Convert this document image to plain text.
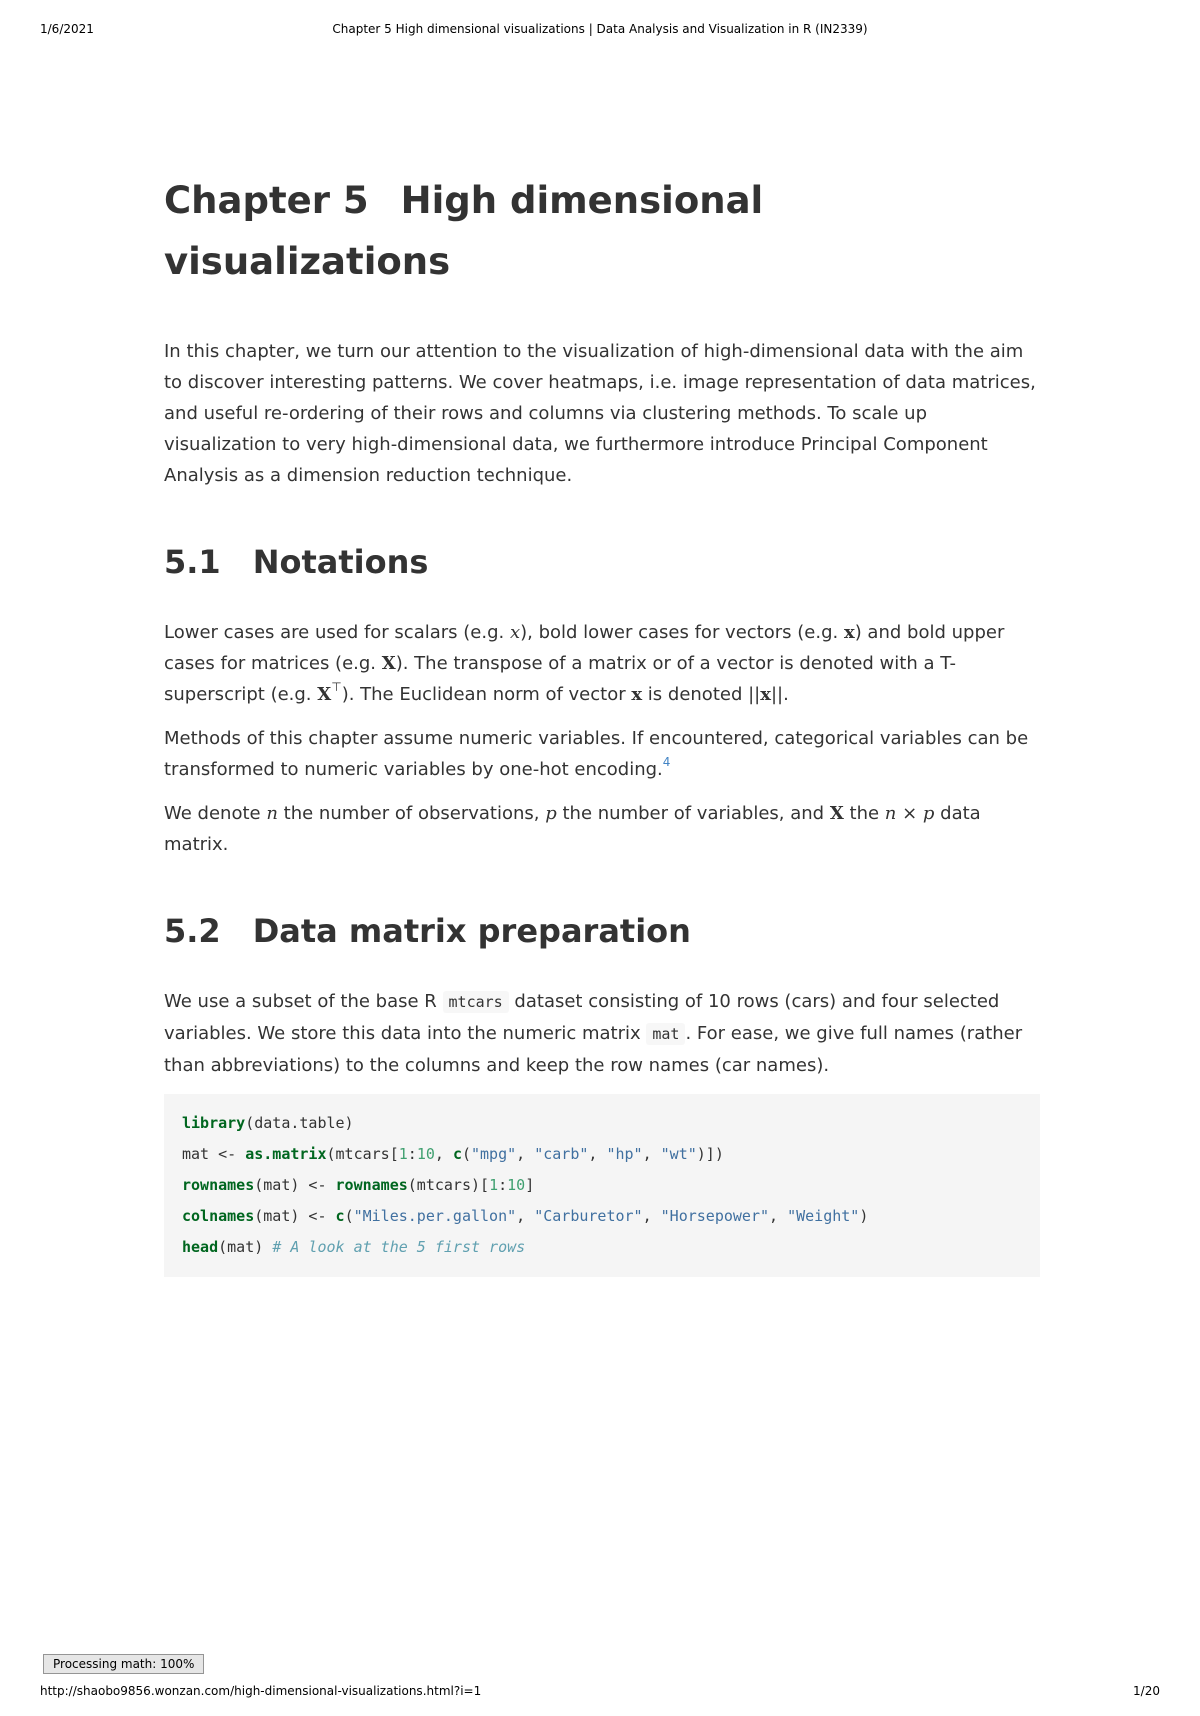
1/6/2021	Chapter 5 High dimensional visualizations | Data Analysis and Visualization in R (IN2339)
Chapter 5 High dimensional
visualizations

In this chapter, we turn our attention to the visualization of high-dimensional data with the aim to discover interesting patterns. We cover heatmaps, i.e. image representation of data matrices, and useful re-ordering of their rows and columns via clustering methods. To scale up visualization to very high-dimensional data, we furthermore introduce Principal Component Analysis as a dimension reduction technique.

5.1 Notations

Lower cases are used for scalars (e.g. x), bold lower cases for vectors (e.g. x) and bold upper cases for matrices (e.g. X). The transpose of a matrix or of a vector is denoted with a T-superscript (e.g. X⊤). The Euclidean norm of vector x is denoted ||x||.

Methods of this chapter assume numeric variables. If encountered, categorical variables can be transformed to numeric variables by one-hot encoding.$^4$

We denote n the number of observations, p the number of variables, and X the n × p data matrix.

5.2 Data matrix preparation

We use a subset of the base R mtcars dataset consisting of 10 rows (cars) and four selected variables. We store this data into the numeric matrix mat . For ease, we give full names (rather than abbreviations) to the columns and keep the row names (car names).

library(data.table)
mat <- as.matrix(mtcars[1:10, c("mpg", "carb", "hp", "wt")])
rownames(mat) <- rownames(mtcars)[1:10]
colnames(mat) <- c("Miles.per.gallon", "Carburetor", "Horsepower", "Weight")
head(mat) # A look at the 5 first rows
Processing math: 100%
http://shaobo9856.wonzan.com/high-dimensional-visualizations.html?i=1	1/20
